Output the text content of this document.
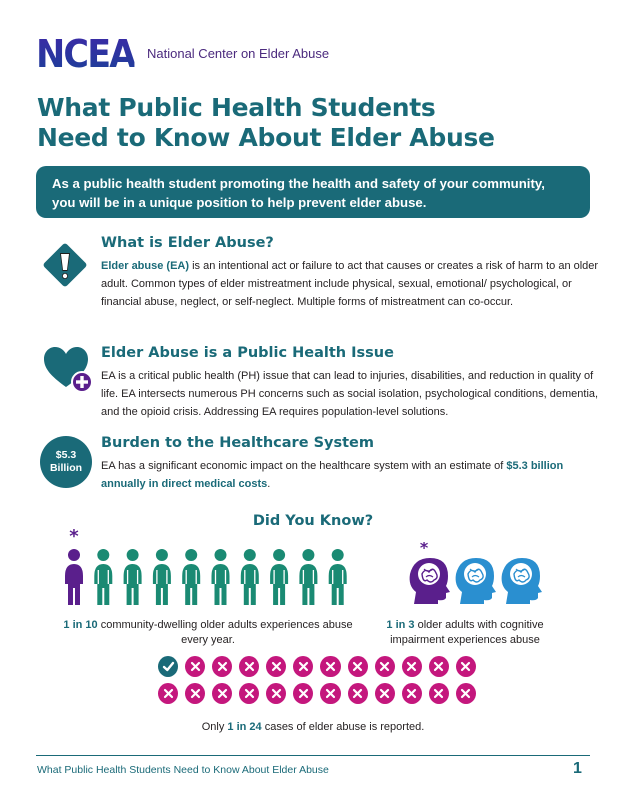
NCEA National Center on Elder Abuse
What Public Health Students
Need to Know About Elder Abuse
As a public health student promoting the health and safety of your community,
you will be in a unique position to help prevent elder abuse.
What is Elder Abuse?

Elder abuse (EA) is an intentional act or failure to act that causes or creates a risk of harm to an older adult. Common types of elder mistreatment include physical, sexual, emotional/ psychological, or financial abuse, neglect, or self-neglect. Multiple forms of mistreatment can co-occur.

Elder Abuse is a Public Health Issue

EA is a critical public health (PH) issue that can lead to injuries, disabilities, and reduction in quality of life. EA intersects numerous PH concerns such as social isolation, psychological conditions, dementia, and the opioid crisis. Addressing EA requires population-level solutions.

$5.3
Billion
Burden to the Healthcare System

EA has a significant economic impact on the healthcare system with an estimate of $5.3 billion annually in direct medical costs.

Did You Know?
*
*
1 in 10 community-dwelling older adults experiences abuse every year.
1 in 3 older adults with cognitive impairment experiences abuse
Only 1 in 24 cases of elder abuse is reported.
What Public Health Students Need to Know About Elder Abuse	1
